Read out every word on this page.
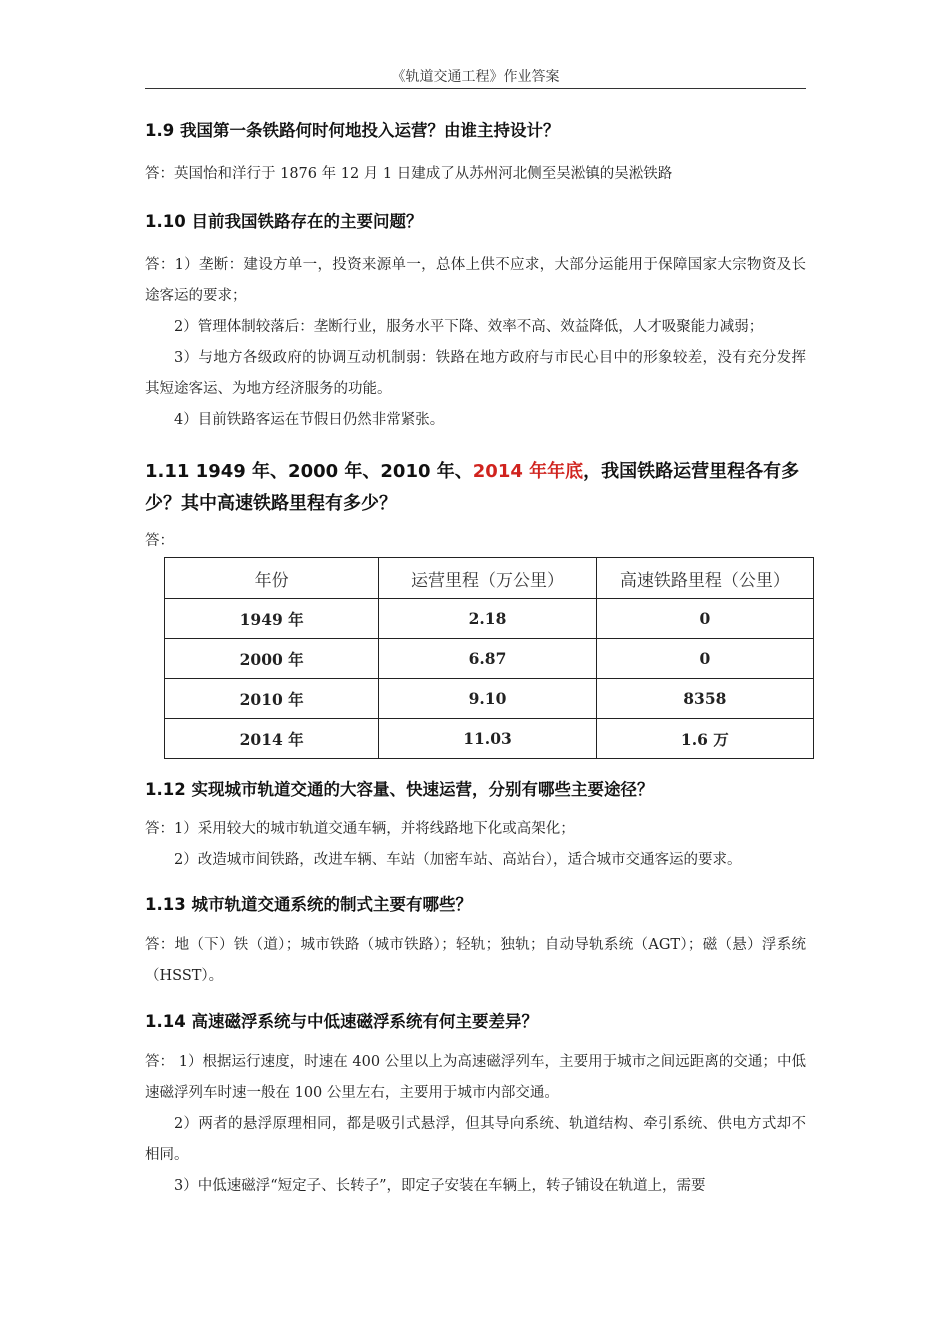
《轨道交通工程》作业答案

1.9 我国第一条铁路何时何地投入运营？由谁主持设计？

答：英国怡和洋行于 1876 年 12 月 1 日建成了从苏州河北侧至吴淞镇的吴淞铁路

1.10 目前我国铁路存在的主要问题？

答：1）垄断：建设方单一，投资来源单一，总体上供不应求，大部分运能用于保障国家大宗物资及长途客运的要求；

2）管理体制较落后：垄断行业，服务水平下降、效率不高、效益降低，人才吸聚能力减弱；

3）与地方各级政府的协调互动机制弱：铁路在地方政府与市民心目中的形象较差，没有充分发挥其短途客运、为地方经济服务的功能。

4）目前铁路客运在节假日仍然非常紧张。

1.11 1949 年、2000 年、2010 年、2014 年年底，我国铁路运营里程各有多少？其中高速铁路里程有多少？

答：

年份	运营里程（万公里）	高速铁路里程（公里）
1949 年	2.18	0
2000 年	6.87	0
2010 年	9.10	8358
2014 年	11.03	1.6 万

1.12 实现城市轨道交通的大容量、快速运营，分别有哪些主要途径？

答：1）采用较大的城市轨道交通车辆，并将线路地下化或高架化；

2）改造城市间铁路，改进车辆、车站（加密车站、高站台），适合城市交通客运的要求。

1.13 城市轨道交通系统的制式主要有哪些？

答：地（下）铁（道）；城市铁路（城市铁路）；轻轨；独轨；自动导轨系统（AGT）；磁（悬）浮系统（HSST）。

1.14 高速磁浮系统与中低速磁浮系统有何主要差异？

答： 1）根据运行速度，时速在 400 公里以上为高速磁浮列车，主要用于城市之间远距离的交通；中低速磁浮列车时速一般在 100 公里左右，主要用于城市内部交通。

2）两者的悬浮原理相同，都是吸引式悬浮，但其导向系统、轨道结构、牵引系统、供电方式却不相同。

3）中低速磁浮“短定子、长转子”，即定子安装在车辆上，转子铺设在轨道上，需要
